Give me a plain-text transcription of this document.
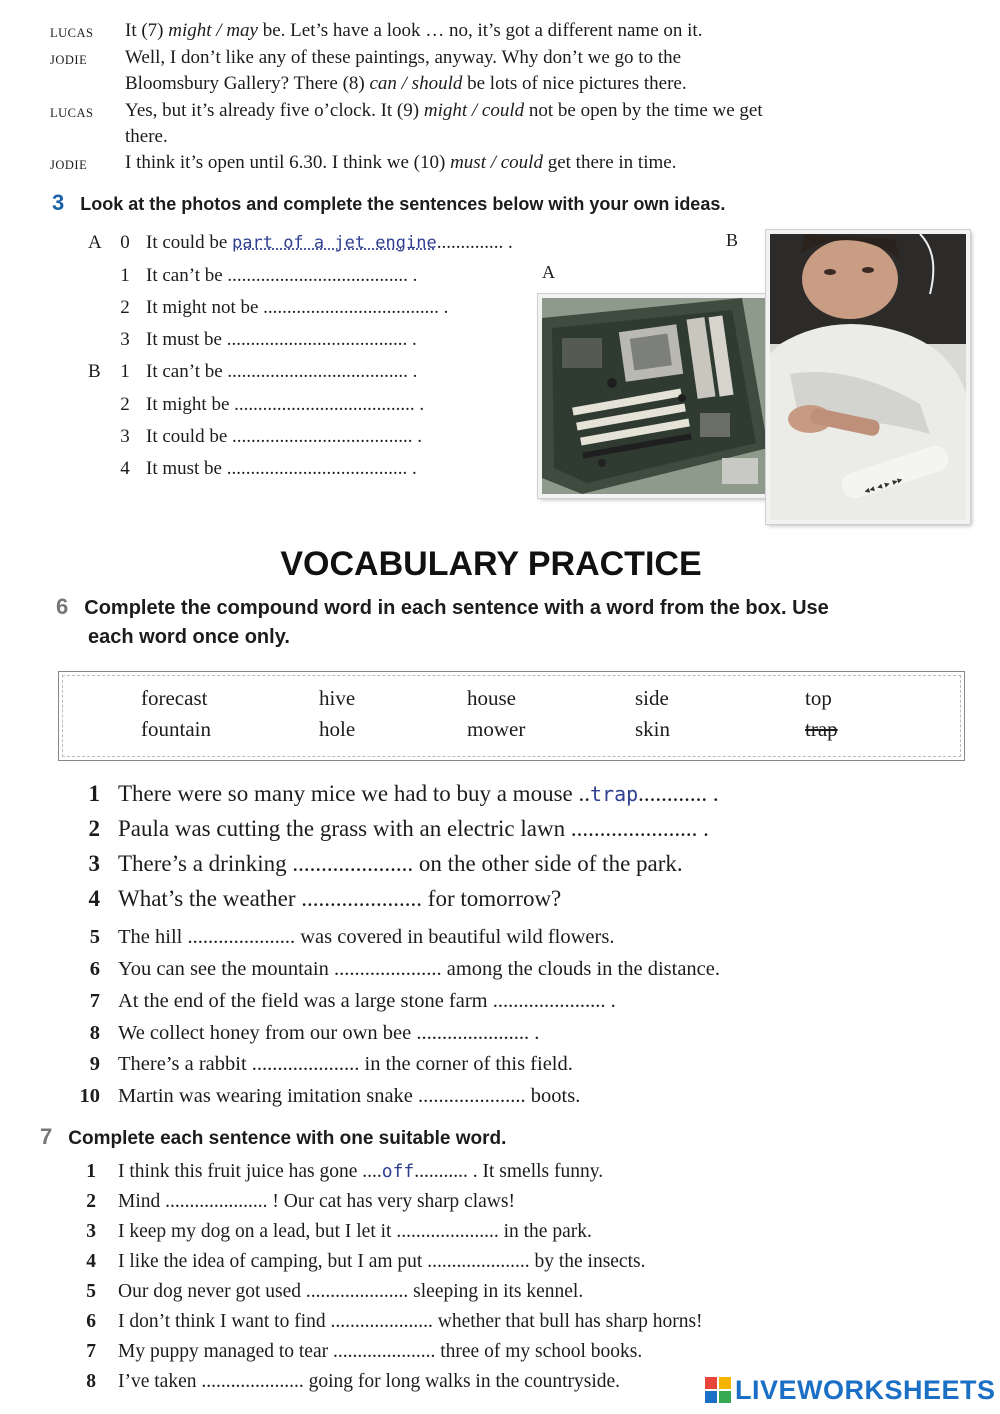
LUCAS It (7) might / may be. Let’s have a look … no, it’s got a different name on it.
JODIE Well, I don’t like any of these paintings, anyway. Why don’t we go to the
Bloomsbury Gallery? There (8) can / should be lots of nice pictures there.
LUCAS Yes, but it’s already five o’clock. It (9) might / could not be open by the time we get
there.
JODIE I think it’s open until 6.30. I think we (10) must / could get there in time.
3 Look at the photos and complete the sentences below with your own ideas.
A 0 It could be part of a jet engine.............. .
1 It can’t be ...................................... .
2 It might not be ..................................... .
3 It must be ...................................... .
B	1 It can’t be ...................................... .
2 It might be ...................................... .
3 It could be ...................................... .
4 It must be ...................................... .
A
B
◂◂ ◂ ▸ ▸▸
VOCABULARY PRACTICE
6 Complete the compound word in each sentence with a word from the box. Use
each word once only.
forecast	hive	house	side	top
fountain	hole	mower	skin	trap
1 There were so many mice we had to buy a mouse ..trap............ .
2 Paula was cutting the grass with an electric lawn ...................... .
3 There’s a drinking ..................... on the other side of the park.
4 What’s the weather ..................... for tomorrow?
5 The hill ..................... was covered in beautiful wild flowers.
6 You can see the mountain ..................... among the clouds in the distance.
7 At the end of the field was a large stone farm ...................... .
8 We collect honey from our own bee ...................... .
9 There’s a rabbit ..................... in the corner of this field.
10 Martin was wearing imitation snake ..................... boots.
7 Complete each sentence with one suitable word.
1 I think this fruit juice has gone ....off........... . It smells funny.
2 Mind ..................... ! Our cat has very sharp claws!
3 I keep my dog on a lead, but I let it ..................... in the park.
4 I like the idea of camping, but I am put ..................... by the insects.
5 Our dog never got used ..................... sleeping in its kennel.
6 I don’t think I want to find ..................... whether that bull has sharp horns!
7 My puppy managed to tear ..................... three of my school books.
8 I’ve taken ..................... going for long walks in the countryside.	LIVEWORKSHEETS
